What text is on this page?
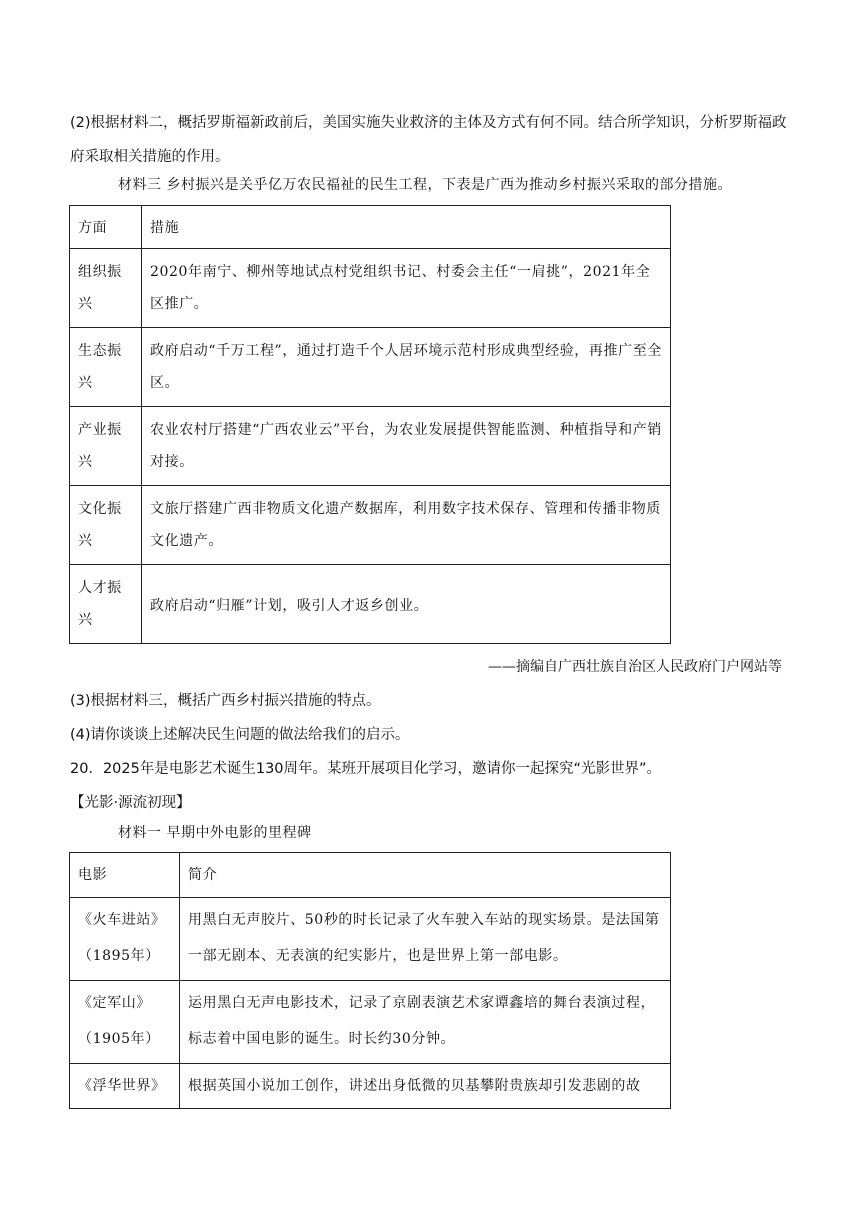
(2)根据材料二，概括罗斯福新政前后，美国实施失业救济的主体及方式有何不同。结合所学知识，分析罗斯福政府采取相关措施的作用。
材料三 乡村振兴是关乎亿万农民福祉的民生工程，下表是广西为推动乡村振兴采取的部分措施。
方面	措施
组织振兴	2020年南宁、柳州等地试点村党组织书记、村委会主任“一肩挑”，2021年全区推广。
生态振兴	政府启动“千万工程”，通过打造千个人居环境示范村形成典型经验，再推广至全区。
产业振兴	农业农村厅搭建“广西农业云”平台，为农业发展提供智能监测、种植指导和产销对接。
文化振兴	文旅厅搭建广西非物质文化遗产数据库，利用数字技术保存、管理和传播非物质文化遗产。
人才振兴	政府启动“归雁”计划，吸引人才返乡创业。
——摘编自广西壮族自治区人民政府门户网站等
(3)根据材料三，概括广西乡村振兴措施的特点。
(4)请你谈谈上述解决民生问题的做法给我们的启示。
20．2025年是电影艺术诞生130周年。某班开展项目化学习，邀请你一起探究“光影世界”。
【光影·源流初现】
材料一 早期中外电影的里程碑
电影	简介
《火车进站》（1895年）	用黑白无声胶片、50秒的时长记录了火车驶入车站的现实场景。是法国第一部无剧本、无表演的纪实影片，也是世界上第一部电影。
《定军山》（1905年）	运用黑白无声电影技术，记录了京剧表演艺术家谭鑫培的舞台表演过程，标志着中国电影的诞生。时长约30分钟。
《浮华世界》	根据英国小说加工创作，讲述出身低微的贝基攀附贵族却引发悲剧的故
